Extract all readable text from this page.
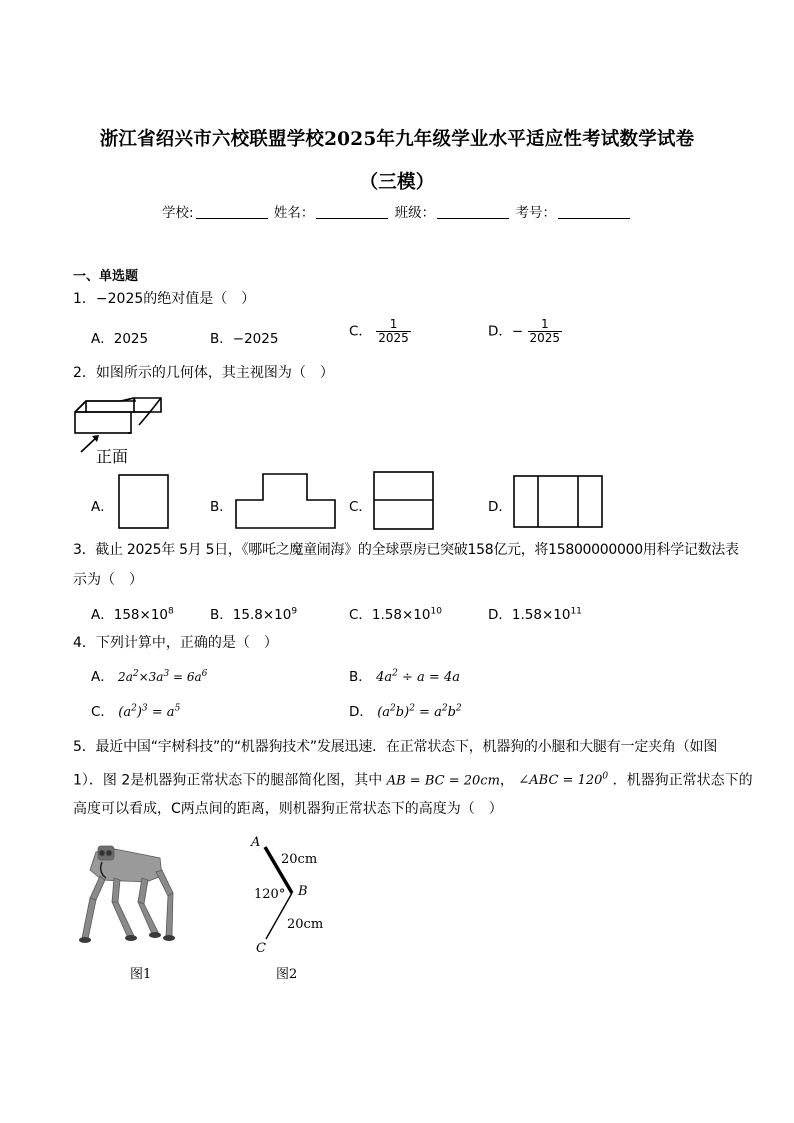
浙江省绍兴市六校联盟学校2025年九年级学业水平适应性考试数学试卷
（三模）
学校:	姓名：	班级：	考号：
一、单选题
1．−2025的绝对值是（　）
A．2025	B．−2025	C． $\frac{1}{2025}$	D．− $\frac{1}{2025}$
2．如图所示的几何体，其主视图为（　）
正面
A．	B．	C．	D．
3．截止 2025年 5月 5日，《哪吒之魔童闹海》的全球票房已突破158亿元，将15800000000用科学记数法表
示为（　）
A．$158\times 10^8$	B．$15.8\times 10^9$	C．$1.58\times 10^{10}$	D．$1.58\times 10^{11}$
4．下列计算中，正确的是（　）
A． $2a^2\times 3a^3 = 6a^6$	B． $4a^2 \div a = 4a$
C． $(a^2)^3 = a^5$	D． $(a^2b)^2 = a^2b^2$
5．最近中国“宇树科技”的“机器狗技术”发展迅速．在正常状态下，机器狗的小腿和大腿有一定夹角（如图
1）．图 2是机器狗正常状态下的腿部简化图，其中 AB = BC = 20cm， ∠ABC = $120^0$ ．机器狗正常状态下的
高度可以看成，C两点间的距离，则机器狗正常状态下的高度为（　）
图1
A
B
C
20cm
20cm
120°
图2
